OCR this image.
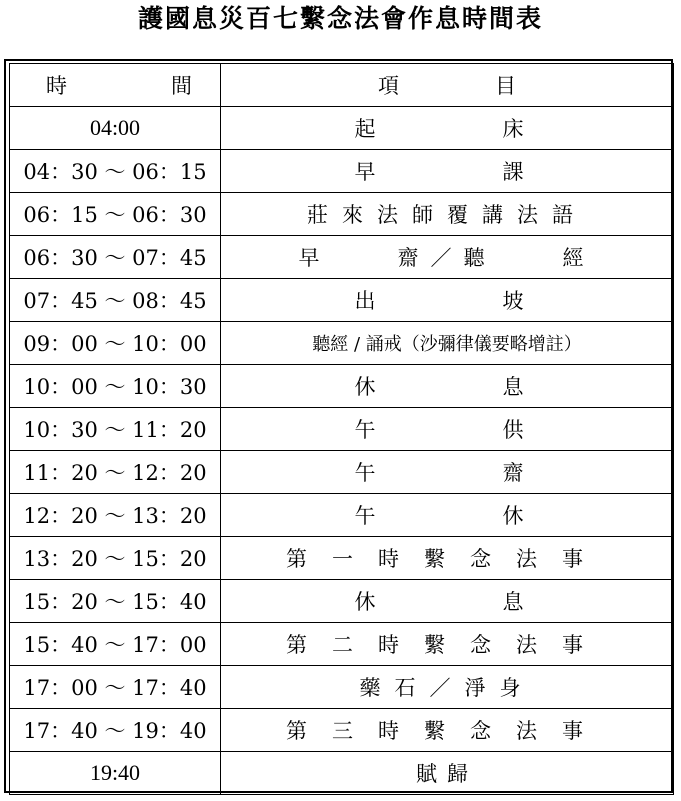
護國息災百七繫念法會作息時間表
時 間	項 目

04:00	起　　　床
04：30 ～ 06：15	早　　　課
06：15 ～ 06：30	莊來法師覆講法語
06：30 ～ 07：45	早　　齋／聽　　經
07：45 ～ 08：45	出　　　坡
09：00 ～ 10：00	聽經 / 誦戒（沙彌律儀要略增註）
10：00 ～ 10：30	休　　　息
10：30 ～ 11：20	午　　　供
11：20 ～ 12：20	午　　　齋
12：20 ～ 13：20	午　　　休
13：20 ～ 15：20	第一時繫念法事
15：20 ～ 15：40	休　　　息
15：40 ～ 17：00	第二時繫念法事
17：00 ～ 17：40	藥石／淨身
17：40 ～ 19：40	第三時繫念法事
19:40	賦歸
